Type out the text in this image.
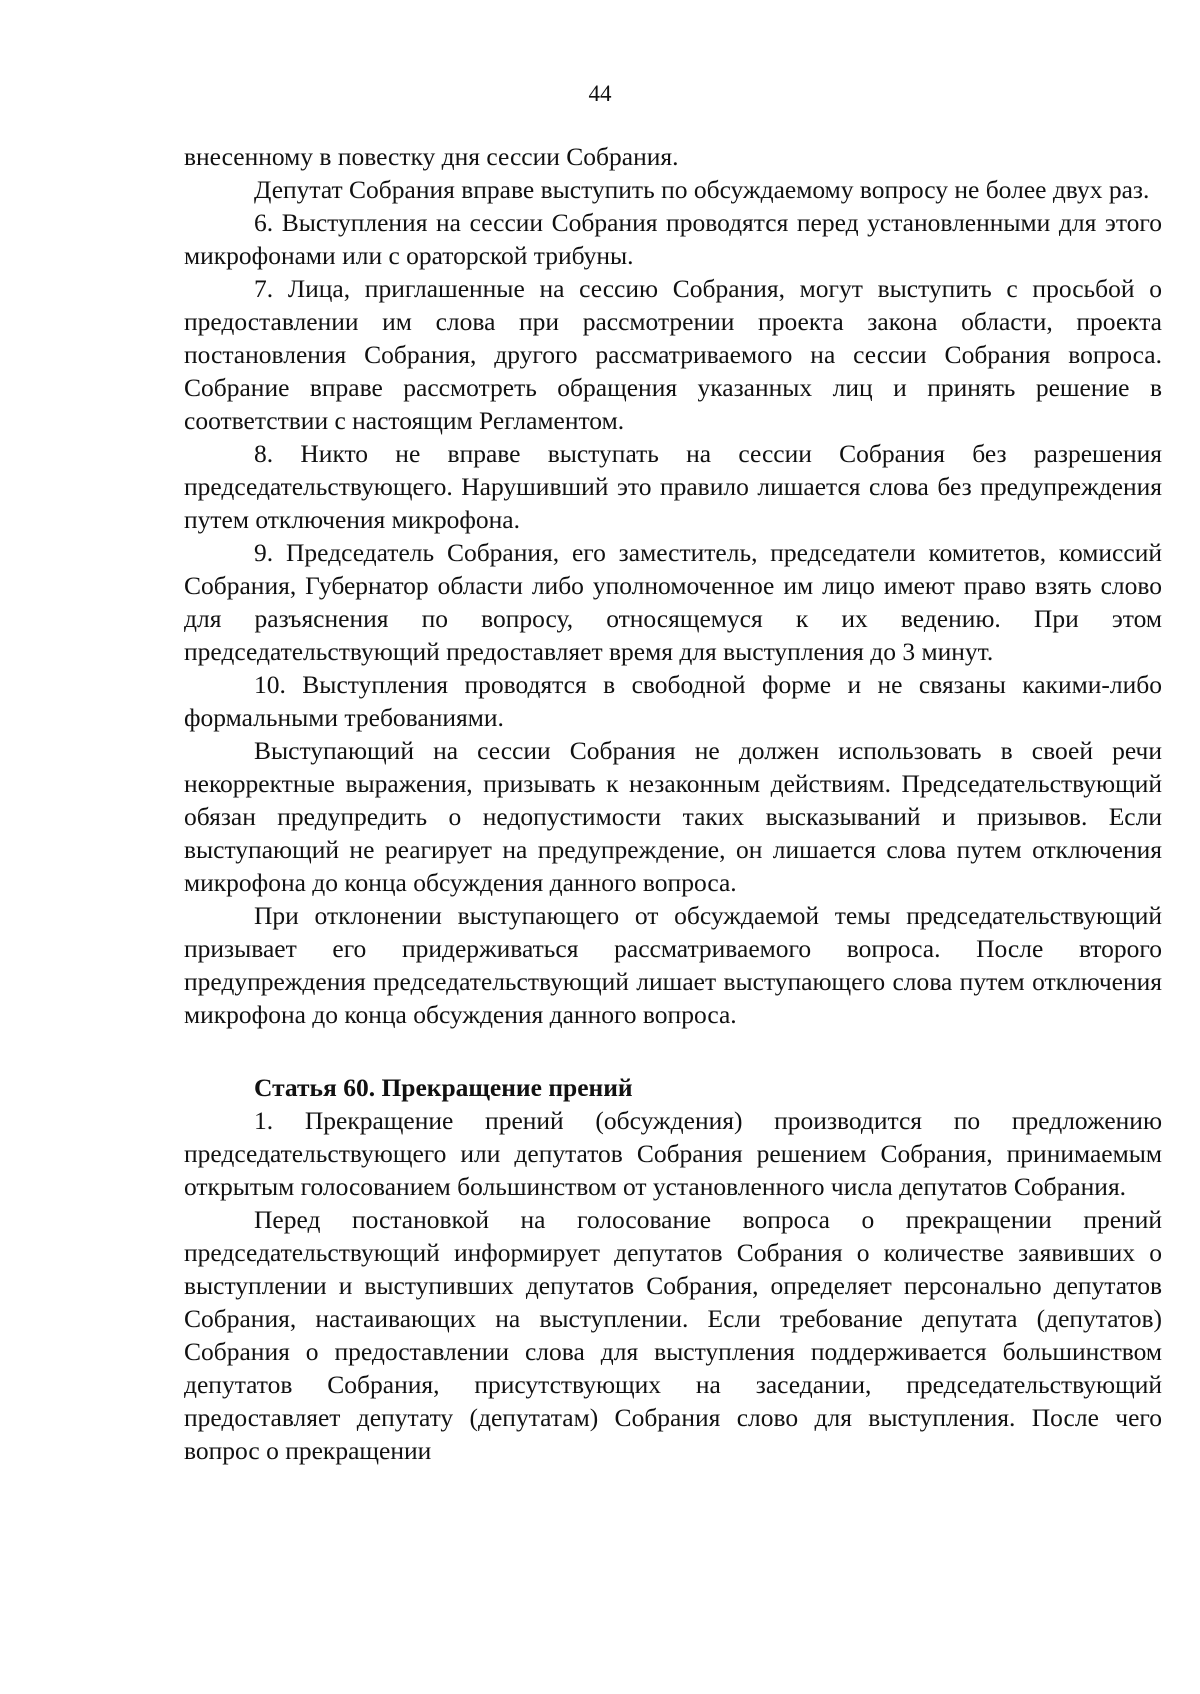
44

внесенному в повестку дня сессии Собрания.

Депутат Собрания вправе выступить по обсуждаемому вопросу не более двух раз.

6. Выступления на сессии Собрания проводятся перед установленными для этого микрофонами или с ораторской трибуны.

7. Лица, приглашенные на сессию Собрания, могут выступить с просьбой о предоставлении им слова при рассмотрении проекта закона области, проекта постановления Собрания, другого рассматриваемого на сессии Собрания вопроса. Собрание вправе рассмотреть обращения указанных лиц и принять решение в соответствии с настоящим Регламентом.

8. Никто не вправе выступать на сессии Собрания без разрешения председательствующего. Нарушивший это правило лишается слова без предупреждения путем отключения микрофона.

9. Председатель Собрания, его заместитель, председатели комитетов, комиссий Собрания, Губернатор области либо уполномоченное им лицо имеют право взять слово для разъяснения по вопросу, относящемуся к их ведению. При этом председательствующий предоставляет время для выступления до 3 минут.

10. Выступления проводятся в свободной форме и не связаны какими-либо формальными требованиями.

Выступающий на сессии Собрания не должен использовать в своей речи некорректные выражения, призывать к незаконным действиям. Председательствующий обязан предупредить о недопустимости таких высказываний и призывов. Если выступающий не реагирует на предупреждение, он лишается слова путем отключения микрофона до конца обсуждения данного вопроса.

При отклонении выступающего от обсуждаемой темы председательствующий призывает его придерживаться рассматриваемого вопроса. После второго предупреждения председательствующий лишает выступающего слова путем отключения микрофона до конца обсуждения данного вопроса.

Статья 60. Прекращение прений

1. Прекращение прений (обсуждения) производится по предложению председательствующего или депутатов Собрания решением Собрания, принимаемым открытым голосованием большинством от установленного числа депутатов Собрания.

Перед постановкой на голосование вопроса о прекращении прений председательствующий информирует депутатов Собрания о количестве заявивших о выступлении и выступивших депутатов Собрания, определяет персонально депутатов Собрания, настаивающих на выступлении. Если требование депутата (депутатов) Собрания о предоставлении слова для выступления поддерживается большинством депутатов Собрания, присутствующих на заседании, председательствующий предоставляет депутату (депутатам) Собрания слово для выступления. После чего вопрос о прекращении
